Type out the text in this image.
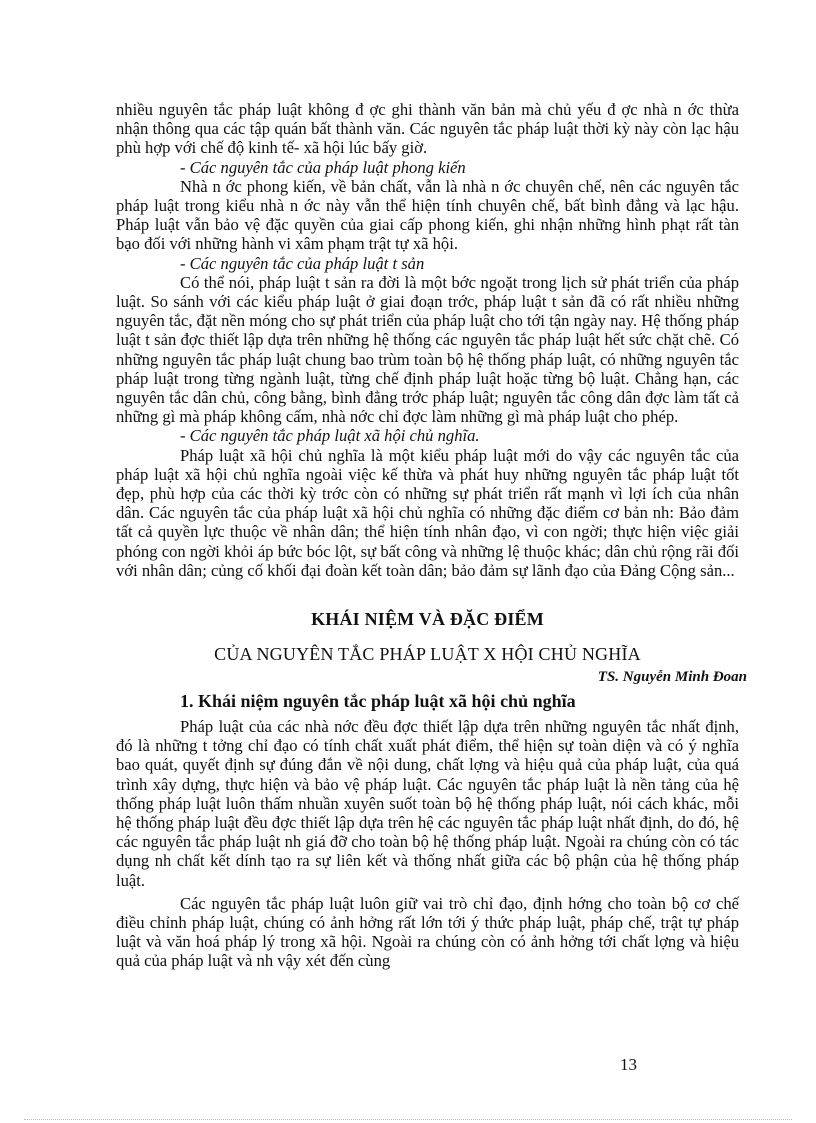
nhiều nguyên tắc pháp luật không đ ợc ghi thành văn bản mà chủ yếu đ ợc nhà n ớc thừa nhận thông qua các tập quán bất thành văn. Các nguyên tắc pháp luật thời kỳ này còn lạc hậu phù hợp với chế độ kinh tế- xã hội lúc bấy giờ.

- Các nguyên tắc của pháp luật phong kiến

Nhà n ớc phong kiến, về bản chất, vẫn là nhà n ớc chuyên chế, nên các nguyên tắc pháp luật trong kiểu nhà n ớc này vẫn thể hiện tính chuyên chế, bất bình đẳng và lạc hậu. Pháp luật vẫn bảo vệ đặc quyền của giai cấp phong kiến, ghi nhận những hình phạt rất tàn bạo đối với những hành vi xâm phạm trật tự xã hội.

- Các nguyên tắc của pháp luật t sản

Có thể nói, pháp luật t sản ra đời là một bớc ngoặt trong lịch sử phát triển của pháp luật. So sánh với các kiểu pháp luật ở giai đoạn trớc, pháp luật t sản đã có rất nhiều những nguyên tắc, đặt nền móng cho sự phát triển của pháp luật cho tới tận ngày nay. Hệ thống pháp luật t sản đợc thiết lập dựa trên những hệ thống các nguyên tắc pháp luật hết sức chặt chẽ. Có những nguyên tắc pháp luật chung bao trùm toàn bộ hệ thống pháp luật, có những nguyên tắc pháp luật trong từng ngành luật, từng chế định pháp luật hoặc từng bộ luật. Chẳng hạn, các nguyên tắc dân chủ, công bằng, bình đẳng trớc pháp luật; nguyên tắc công dân đợc làm tất cả những gì mà pháp không cấm, nhà nớc chỉ đợc làm những gì mà pháp luật cho phép.

- Các nguyên tắc pháp luật xã hội chủ nghĩa.

Pháp luật xã hội chủ nghĩa là một kiểu pháp luật mới do vậy các nguyên tắc của pháp luật xã hội chủ nghĩa ngoài việc kế thừa và phát huy những nguyên tắc pháp luật tốt đẹp, phù hợp của các thời kỳ trớc còn có những sự phát triển rất mạnh vì lợi ích của nhân dân. Các nguyên tắc của pháp luật xã hội chủ nghĩa có những đặc điểm cơ bản nh: Bảo đảm tất cả quyền lực thuộc về nhân dân; thể hiện tính nhân đạo, vì con ngời; thực hiện việc giải phóng con ngời khỏi áp bức bóc lột, sự bất công và những lệ thuộc khác; dân chủ rộng rãi đối với nhân dân; củng cố khối đại đoàn kết toàn dân; bảo đảm sự lãnh đạo của Đảng Cộng sản...

KHÁI NIỆM VÀ ĐẶC ĐIỂM

CỦA NGUYÊN TẮC PHÁP LUẬT X HỘI CHỦ NGHĨA

TS. Nguyễn Minh Đoan

1. Khái niệm nguyên tắc pháp luật xã hội chủ nghĩa

Pháp luật của các nhà nớc đều đợc thiết lập dựa trên những nguyên tắc nhất định, đó là những t tởng chỉ đạo có tính chất xuất phát điểm, thể hiện sự toàn diện và có ý nghĩa bao quát, quyết định sự đúng đắn về nội dung, chất lợng và hiệu quả của pháp luật, của quá trình xây dựng, thực hiện và bảo vệ pháp luật. Các nguyên tắc pháp luật là nền tảng của hệ thống pháp luật luôn thấm nhuần xuyên suốt toàn bộ hệ thống pháp luật, nói cách khác, mỗi hệ thống pháp luật đều đợc thiết lập dựa trên hệ các nguyên tắc pháp luật nhất định, do đó, hệ các nguyên tắc pháp luật nh giá đỡ cho toàn bộ hệ thống pháp luật. Ngoài ra chúng còn có tác dụng nh chất kết dính tạo ra sự liên kết và thống nhất giữa các bộ phận của hệ thống pháp luật.

Các nguyên tắc pháp luật luôn giữ vai trò chỉ đạo, định hớng cho toàn bộ cơ chế điều chỉnh pháp luật, chúng có ảnh hởng rất lớn tới ý thức pháp luật, pháp chế, trật tự pháp luật và văn hoá pháp lý trong xã hội. Ngoài ra chúng còn có ảnh hởng tới chất lợng và hiệu quả của pháp luật và nh vậy xét đến cùng

13
